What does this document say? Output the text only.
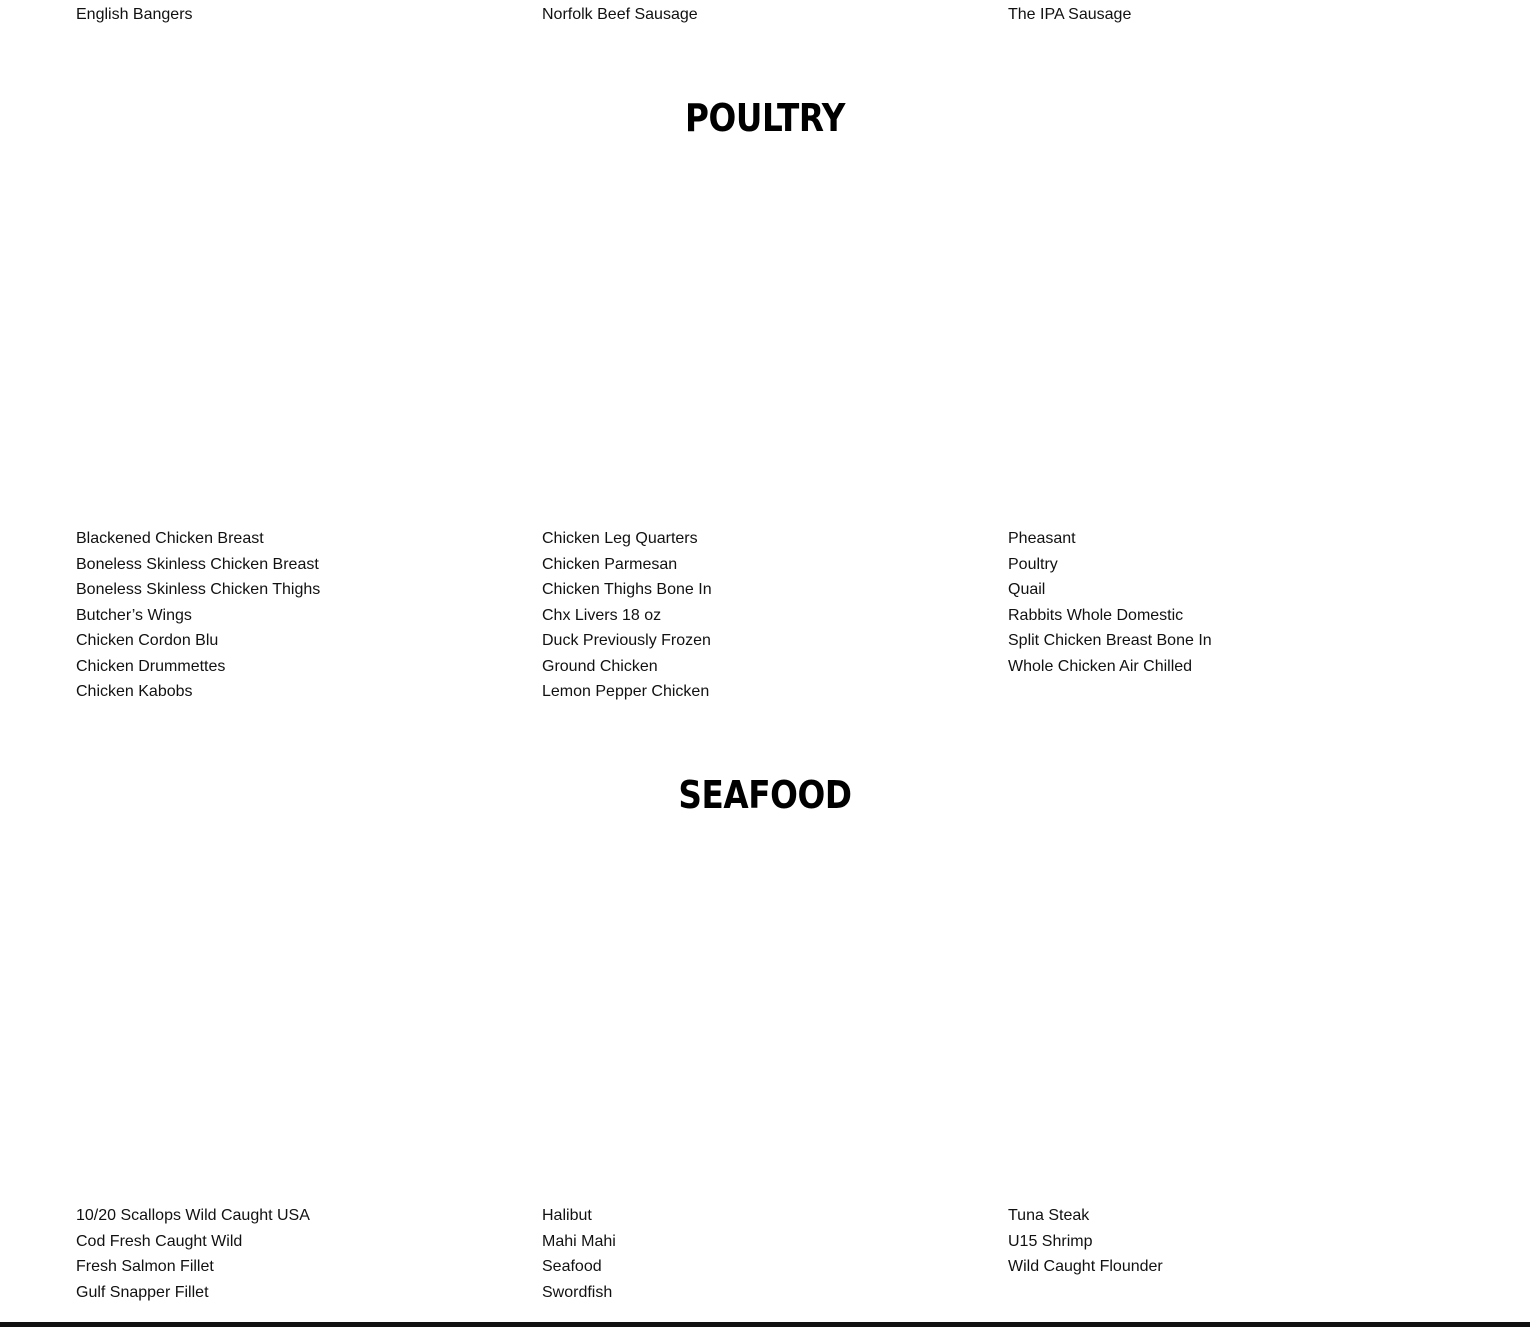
English Bangers	Norfolk Beef Sausage	The IPA Sausage
POULTRY
Blackened Chicken Breast
Boneless Skinless Chicken Breast
Boneless Skinless Chicken Thighs
Butcher’s Wings
Chicken Cordon Blu
Chicken Drummettes
Chicken Kabobs
Chicken Leg Quarters
Chicken Parmesan
Chicken Thighs Bone In
Chx Livers 18 oz
Duck Previously Frozen
Ground Chicken
Lemon Pepper Chicken
Pheasant
Poultry
Quail
Rabbits Whole Domestic
Split Chicken Breast Bone In
Whole Chicken Air Chilled
SEAFOOD
10/20 Scallops Wild Caught USA
Cod Fresh Caught Wild
Fresh Salmon Fillet
Gulf Snapper Fillet
Halibut
Mahi Mahi
Seafood
Swordfish
Tuna Steak
U15 Shrimp
Wild Caught Flounder
